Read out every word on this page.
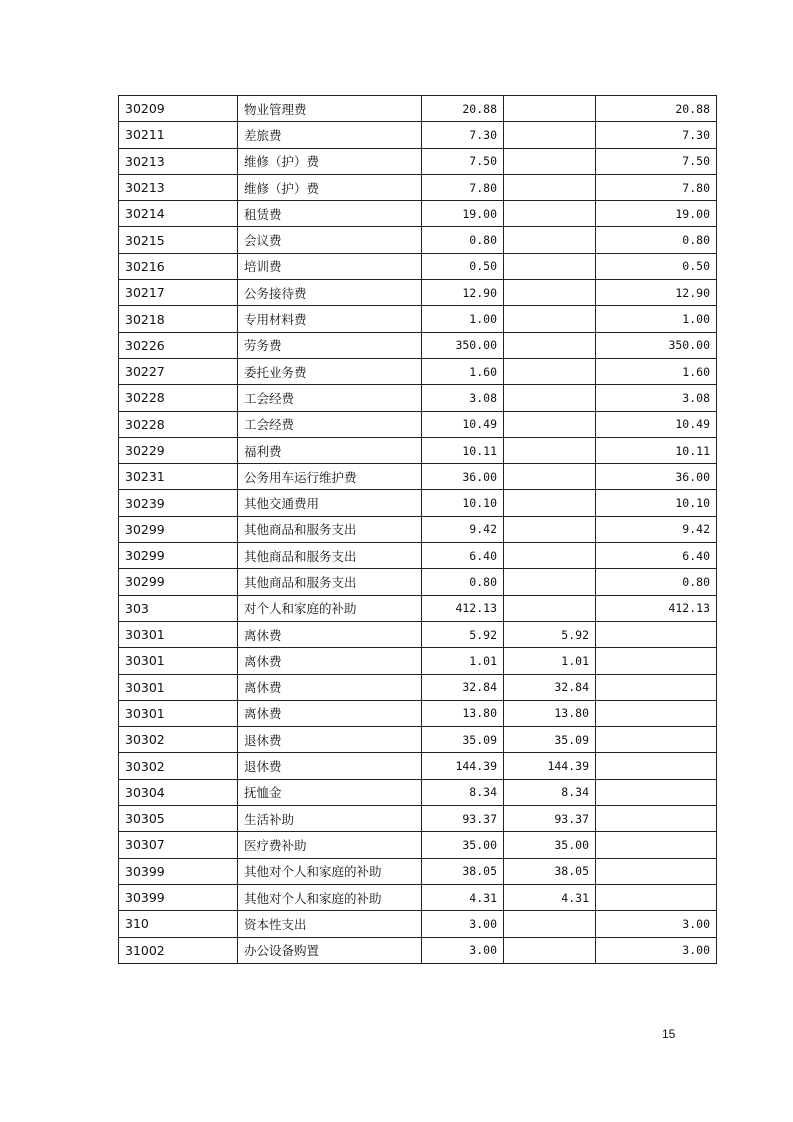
30209	物业管理费	20.88		20.88
30211	差旅费	7.30		7.30
30213	维修（护）费	7.50		7.50
30213	维修（护）费	7.80		7.80
30214	租赁费	19.00		19.00
30215	会议费	0.80		0.80
30216	培训费	0.50		0.50
30217	公务接待费	12.90		12.90
30218	专用材料费	1.00		1.00
30226	劳务费	350.00		350.00
30227	委托业务费	1.60		1.60
30228	工会经费	3.08		3.08
30228	工会经费	10.49		10.49
30229	福利费	10.11		10.11
30231	公务用车运行维护费	36.00		36.00
30239	其他交通费用	10.10		10.10
30299	其他商品和服务支出	9.42		9.42
30299	其他商品和服务支出	6.40		6.40
30299	其他商品和服务支出	0.80		0.80
303	对个人和家庭的补助	412.13		412.13
30301	离休费	5.92	5.92	
30301	离休费	1.01	1.01	
30301	离休费	32.84	32.84	
30301	离休费	13.80	13.80	
30302	退休费	35.09	35.09	
30302	退休费	144.39	144.39	
30304	抚恤金	8.34	8.34	
30305	生活补助	93.37	93.37	
30307	医疗费补助	35.00	35.00	
30399	其他对个人和家庭的补助	38.05	38.05	
30399	其他对个人和家庭的补助	4.31	4.31	
310	资本性支出	3.00		3.00
31002	办公设备购置	3.00		3.00
15
